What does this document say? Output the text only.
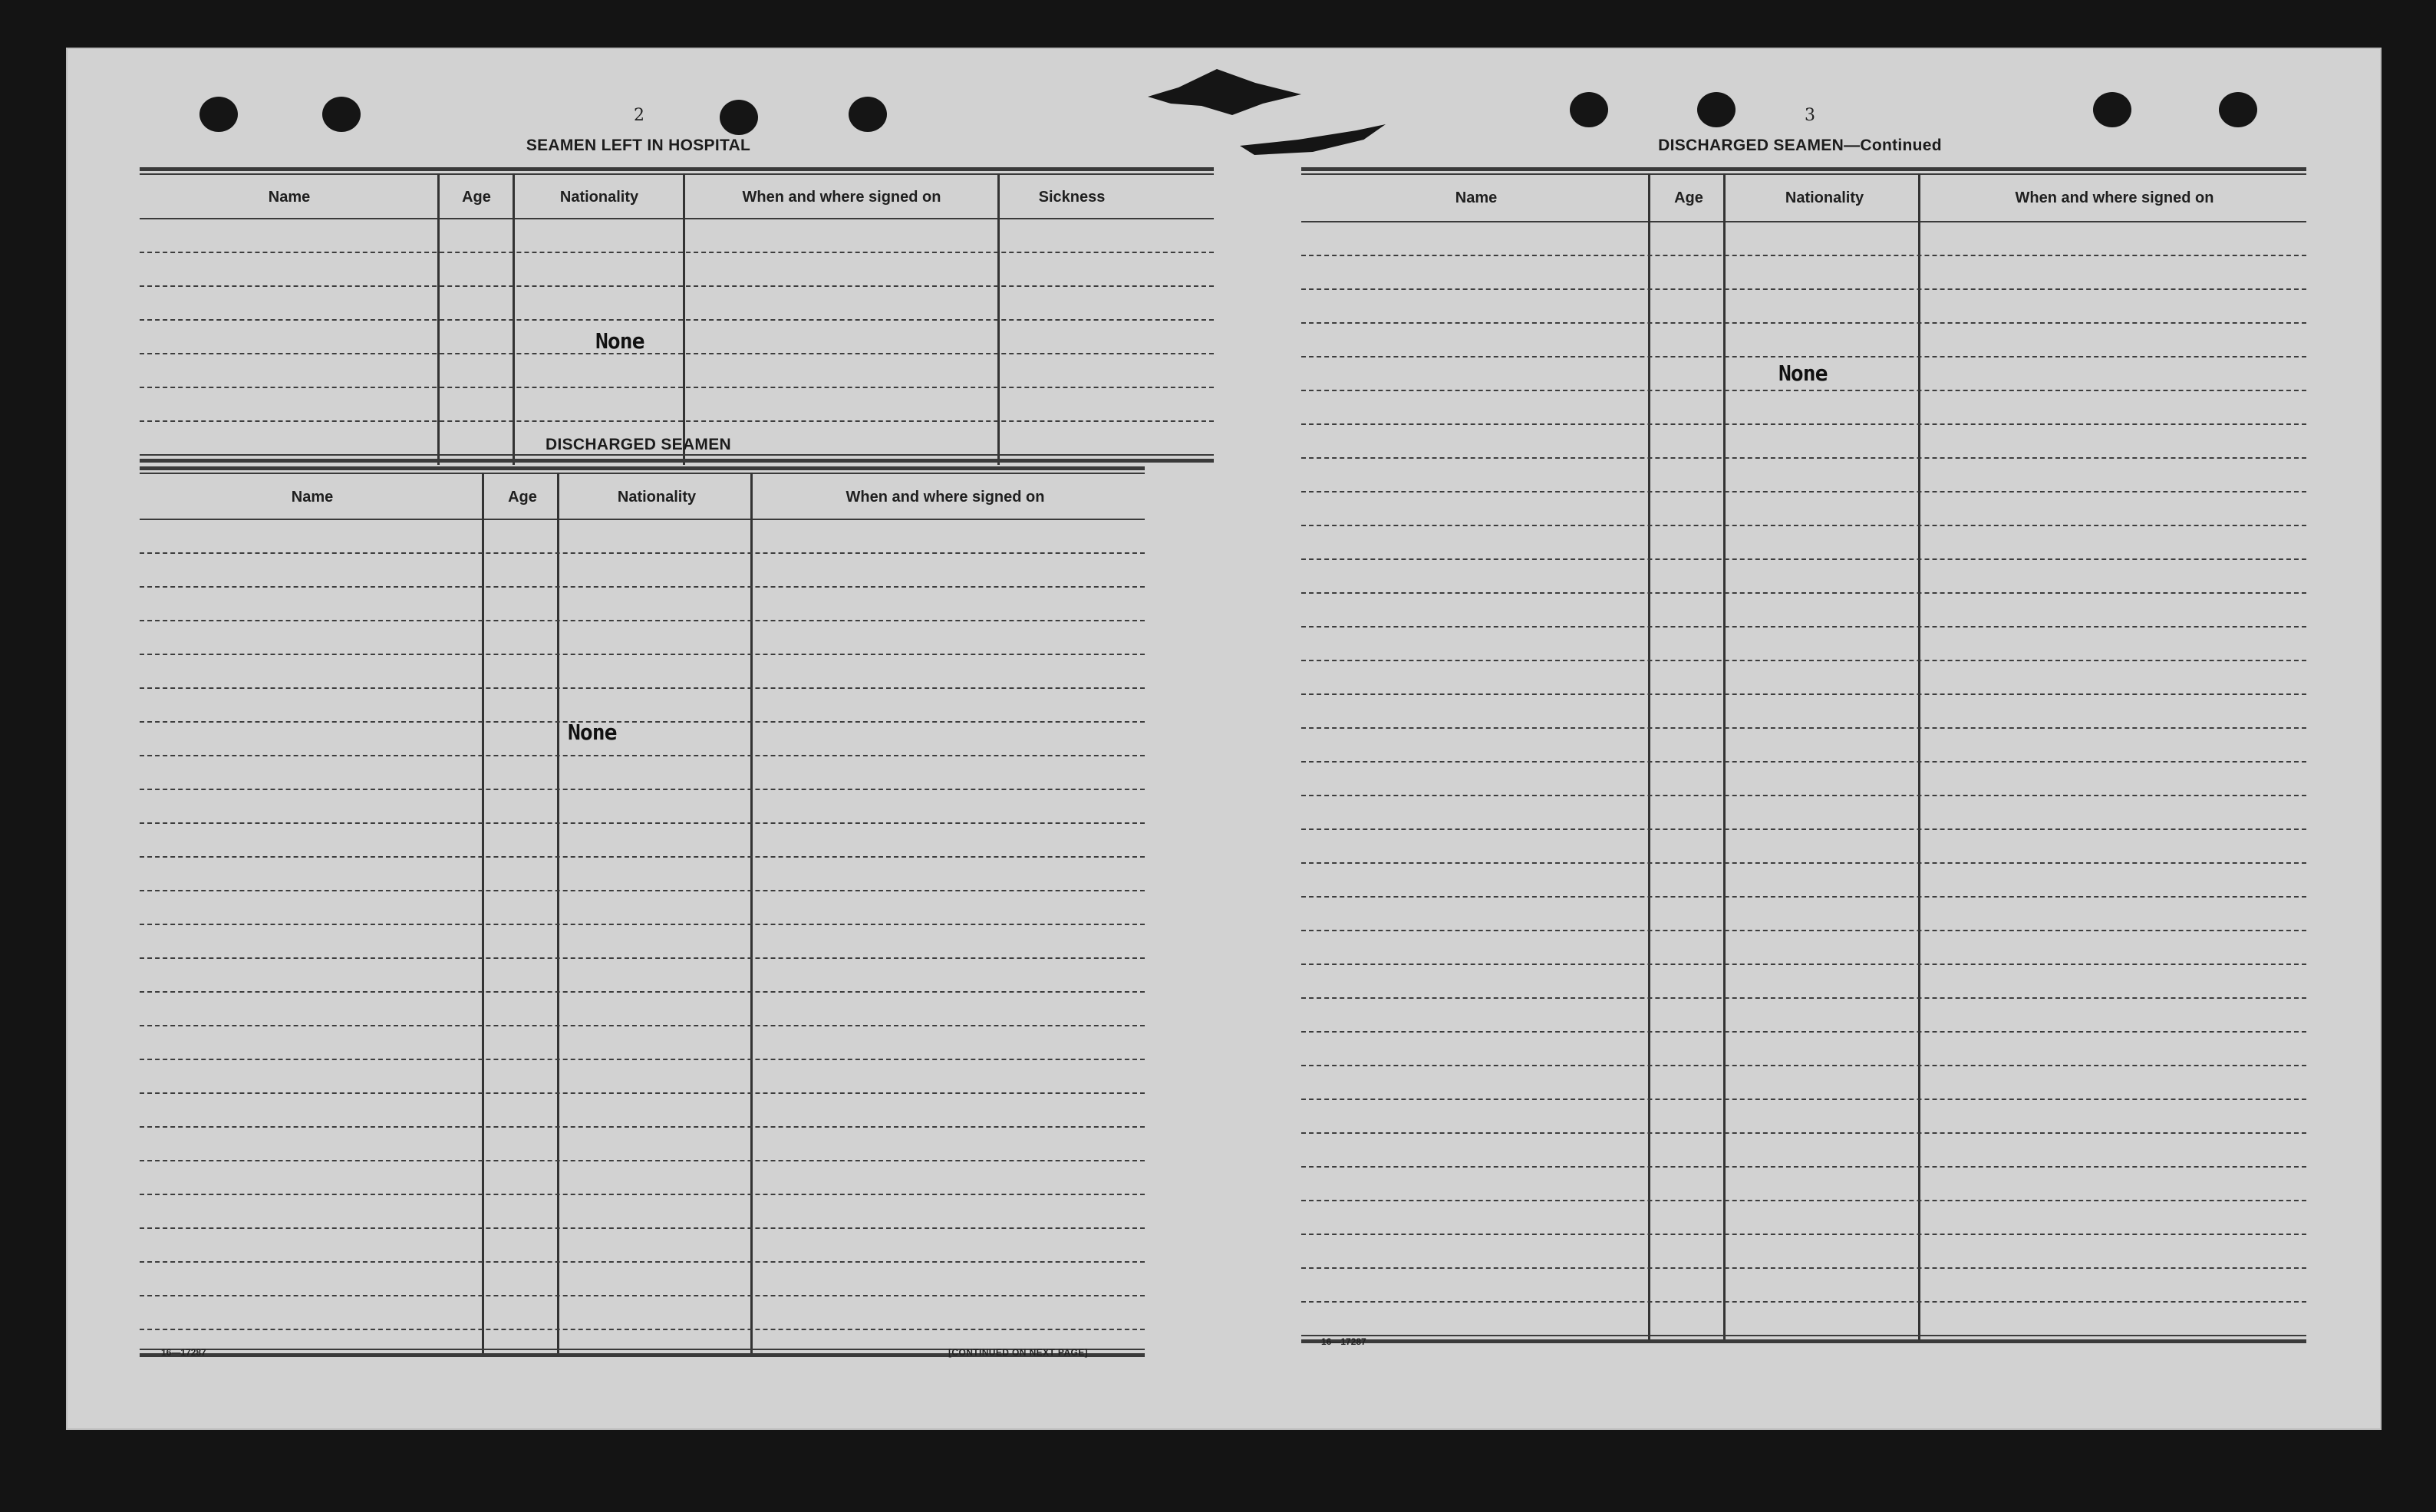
2
SEAMEN LEFT IN HOSPITAL
Name	Age	Nationality	When and where signed on	Sickness
None
DISCHARGED SEAMEN
Name	Age	Nationality	When and where signed on
None
16—17287	[CONTINUED ON NEXT PAGE]
3
DISCHARGED SEAMEN—Continued
Name	Age	Nationality	When and where signed on
None
16—17287
